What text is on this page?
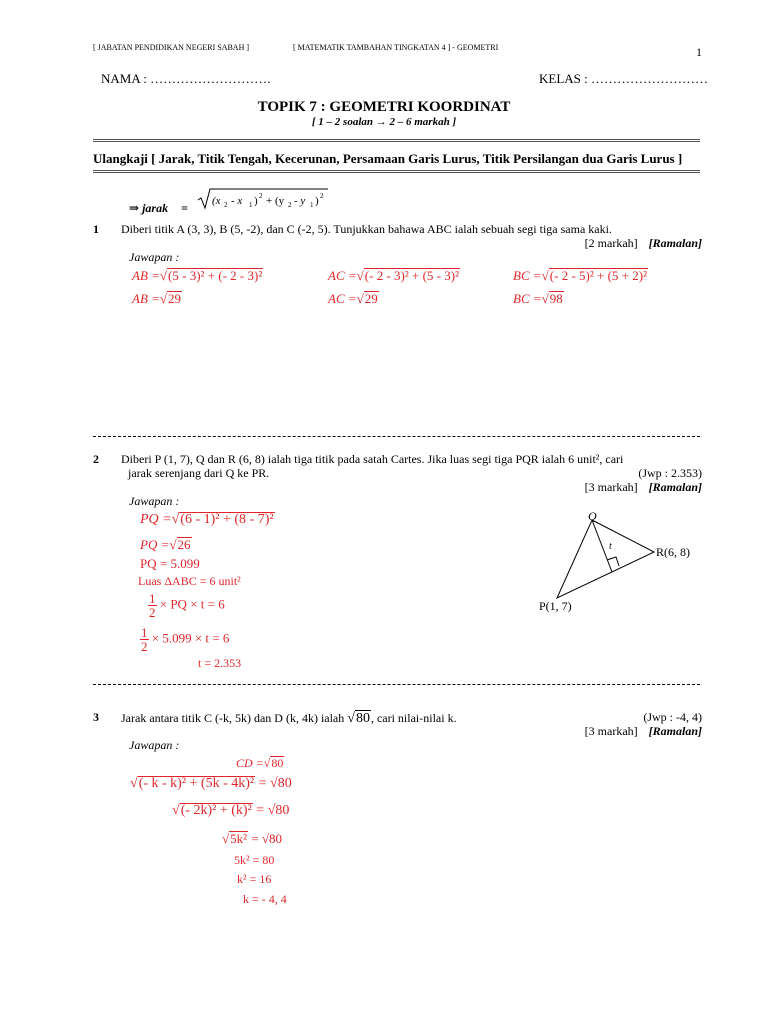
[ JABATAN PENDIDIKAN NEGERI SABAH ]	[ MATEMATIK TAMBAHAN TINGKATAN 4 ] - GEOMETRI	1
NAMA : ……………………….	KELAS : ………………………
TOPIK 7 : GEOMETRI KOORDINAT
[ 1 – 2 soalan → 2 – 6 markah ]
Ulangkaji [ Jarak, Titik Tengah, Kecerunan, Persamaan Garis Lurus, Titik Persilangan dua Garis Lurus ]
⇒ jarak = (x 2 - x 1 ) 2 + (y 2 - y 1 ) 2
1 Diberi titik A (3, 3), B (5, -2), dan C (-2, 5). Tunjukkan bahawa ABC ialah sebuah segi tiga sama kaki.
[2 markah] [Ramalan]
Jawapan :
AB =√(5 - 3)² + (- 2 - 3)²	AC =√(- 2 - 3)² + (5 - 3)²	BC =√(- 2 - 5)² + (5 + 2)²
AB =√29	AC =√29	BC =√98
2 Diberi P (1, 7), Q dan R (6, 8) ialah tiga titik pada satah Cartes. Jika luas segi tiga PQR ialah 6 unit², cari
jarak serenjang dari Q ke PR.	(Jwp : 2.353)
[3 markah] [Ramalan]
Jawapan :
PQ =√(6 - 1)² + (8 - 7)²
PQ =√26
PQ = 5.099
Luas ΔABC = 6 unit²
$\frac{1}{2}$ × PQ × t = 6
$\frac{1}{2} \times 5.099 \times t = 6$
t = 2.353
Q
R(6, 8)
P(1, 7)
t
3 Jarak antara titik C (-k, 5k) dan D (k, 4k) ialah √80, cari nilai-nilai k.	(Jwp : -4, 4)
[3 markah] [Ramalan]
Jawapan :
CD =√80
√(- k - k)² + (5k - 4k)² = √80
√(- 2k)² + (k)² = √80
√5k² = √80
5k² = 80
k² = 16
k = - 4, 4
